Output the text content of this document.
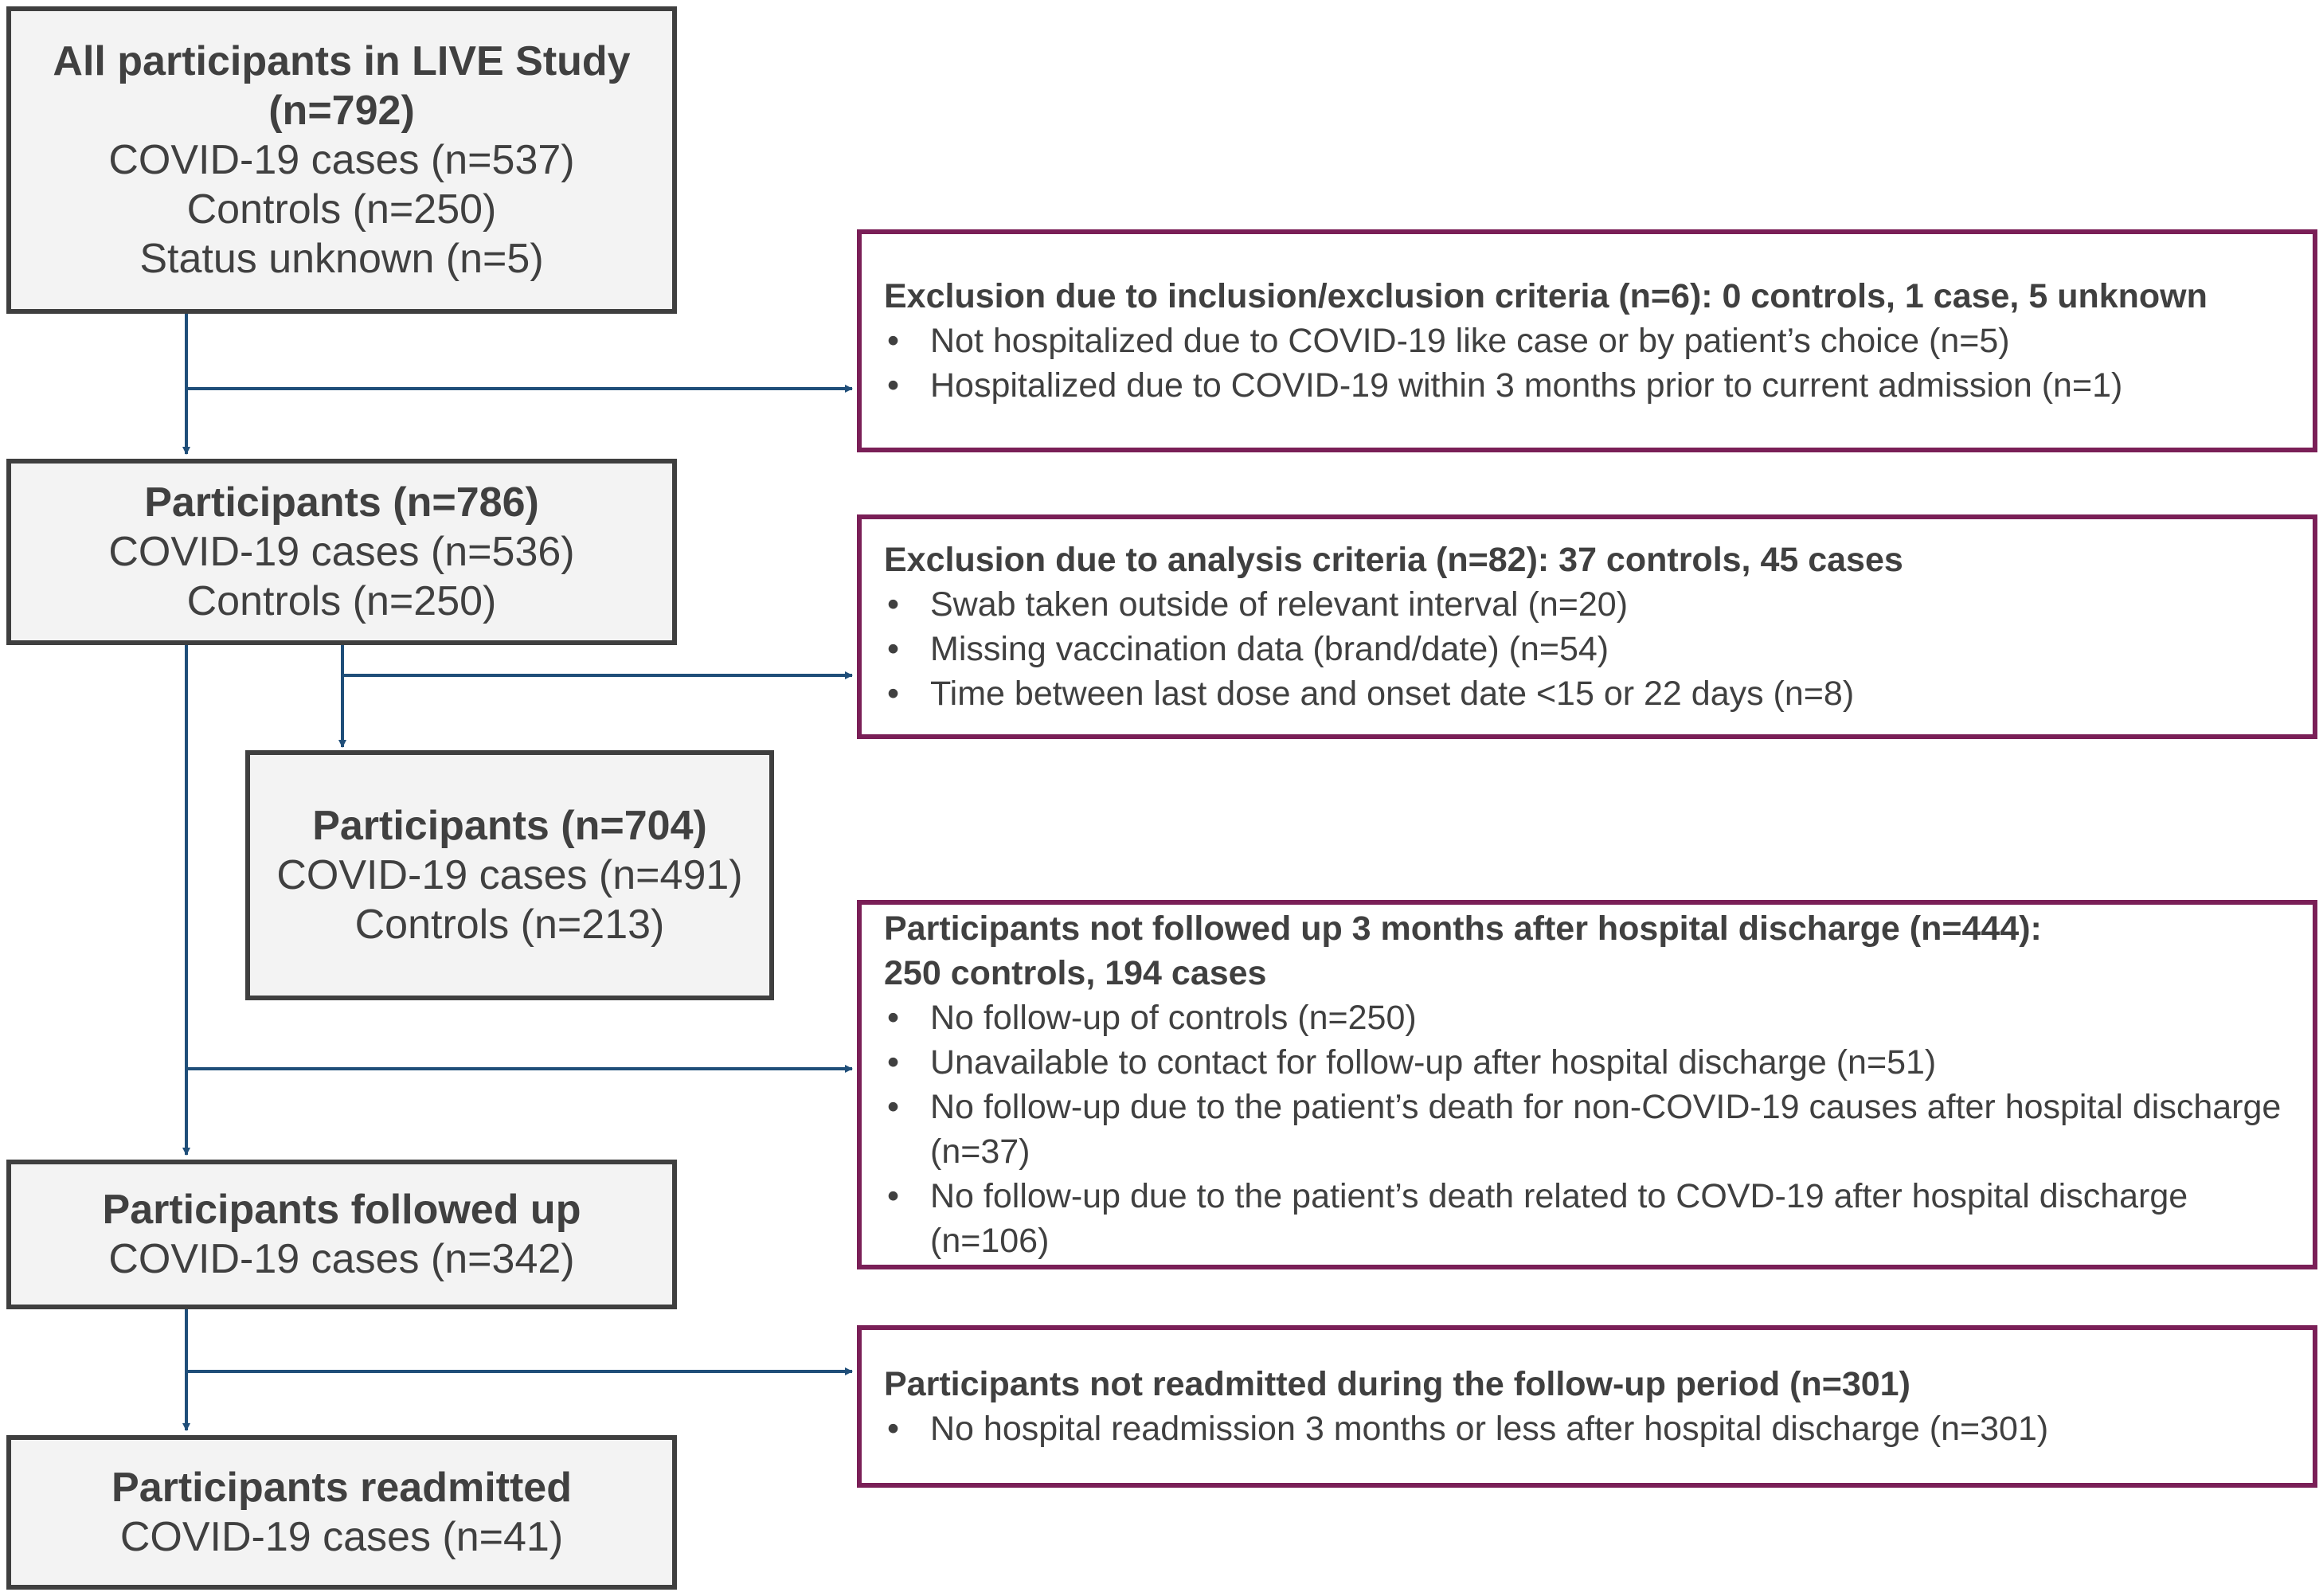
All participants in LIVE Study
(n=792)
COVID-19 cases (n=537)
Controls (n=250)
Status unknown (n=5)
Participants (n=786)
COVID-19 cases (n=536)
Controls (n=250)
Participants (n=704)
COVID-19 cases (n=491)
Controls (n=213)
Participants followed up
COVID-19 cases (n=342)
Participants readmitted
COVID-19 cases (n=41)
Exclusion due to inclusion/exclusion criteria (n=6): 0 controls, 1 case, 5 unknown
• Not hospitalized due to COVID-19 like case or by patient’s choice (n=5)
• Hospitalized due to COVID-19 within 3 months prior to current admission (n=1)
Exclusion due to analysis criteria (n=82): 37 controls, 45 cases
• Swab taken outside of relevant interval (n=20)
• Missing vaccination data (brand/date) (n=54)
• Time between last dose and onset date <15 or 22 days (n=8)
Participants not followed up 3 months after hospital discharge (n=444):
250 controls, 194 cases
• No follow-up of controls (n=250)
• Unavailable to contact for follow-up after hospital discharge (n=51)
• No follow-up due to the patient’s death for non-COVID-19 causes after hospital discharge (n=37)
• No follow-up due to the patient’s death related to COVD-19 after hospital discharge (n=106)
Participants not readmitted during the follow-up period (n=301)
• No hospital readmission 3 months or less after hospital discharge (n=301)
